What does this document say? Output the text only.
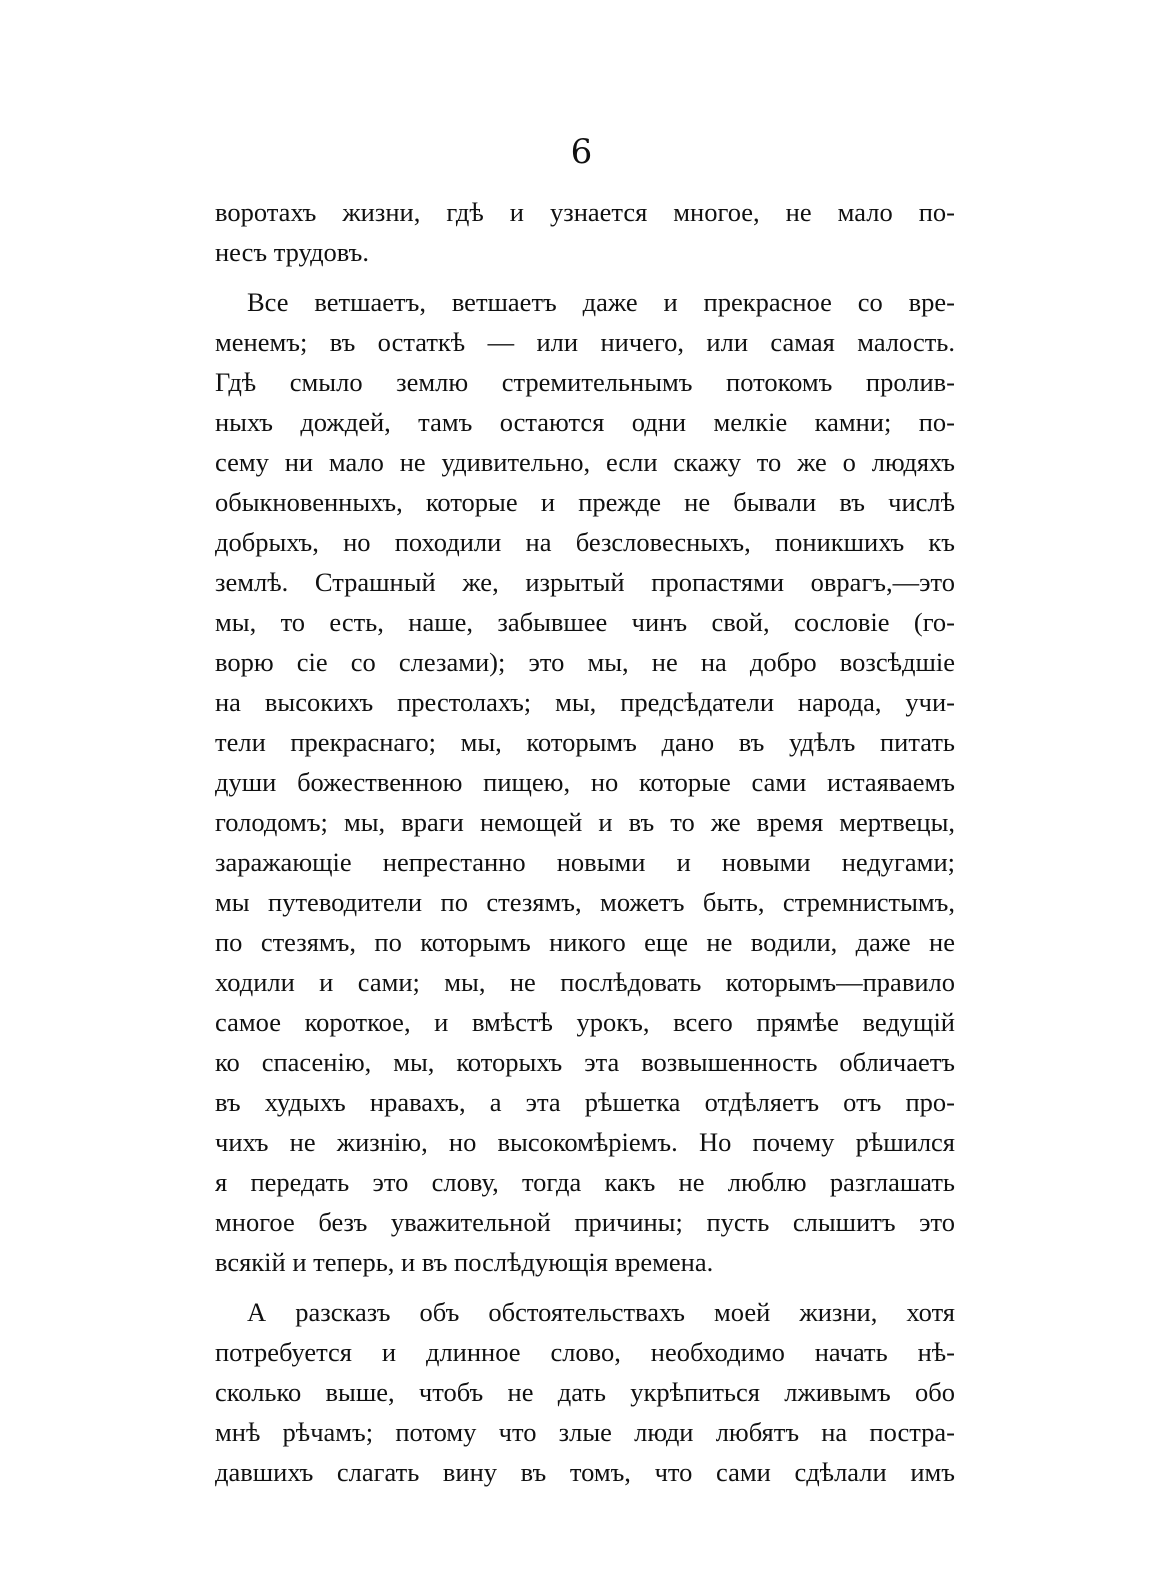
6
воротахъ жизни, гдѣ и узнается многое, не мало по-
несъ трудовъ.
Все ветшаетъ, ветшаетъ даже и прекрасное со вре-
менемъ; въ остаткѣ — или ничего, или самая малость.
Гдѣ смыло землю стремительнымъ потокомъ пролив-
ныхъ дождей, тамъ остаются одни мелкіе камни; по-
сему ни мало не удивительно, если скажу то же о людяхъ
обыкновенныхъ, которые и прежде не бывали въ числѣ
добрыхъ, но походили на безсловесныхъ, поникшихъ къ
землѣ. Страшный же, изрытый пропастями оврагъ,—это
мы, то есть, наше, забывшее чинъ свой, сословіе (го-
ворю сіе со слезами); это мы, не на добро возсѣдшіе
на высокихъ престолахъ; мы, предсѣдатели народа, учи-
тели прекраснаго; мы, которымъ дано въ удѣлъ питать
души божественною пищею, но которые сами истаяваемъ
голодомъ; мы, враги немощей и въ то же время мертвецы,
заражающіе непрестанно новыми и новыми недугами;
мы путеводители по стезямъ, можетъ быть, стремнистымъ,
по стезямъ, по которымъ никого еще не водили, даже не
ходили и сами; мы, не послѣдовать которымъ—правило
самое короткое, и вмѣстѣ урокъ, всего прямѣе ведущій
ко спасенію, мы, которыхъ эта возвышенность обличаетъ
въ худыхъ нравахъ, а эта рѣшетка отдѣляетъ отъ про-
чихъ не жизнію, но высокомѣріемъ. Но почему рѣшился
я передать это слову, тогда какъ не люблю разглашать
многое безъ уважительной причины; пусть слышитъ это
всякій и теперь, и въ послѣдующія времена.
А разсказъ объ обстоятельствахъ моей жизни, хотя
потребуется и длинное слово, необходимо начать нѣ-
сколько выше, чтобъ не дать укрѣпиться лживымъ обо
мнѣ рѣчамъ; потому что злые люди любятъ на постра-
давшихъ слагать вину въ томъ, что сами сдѣлали имъ
